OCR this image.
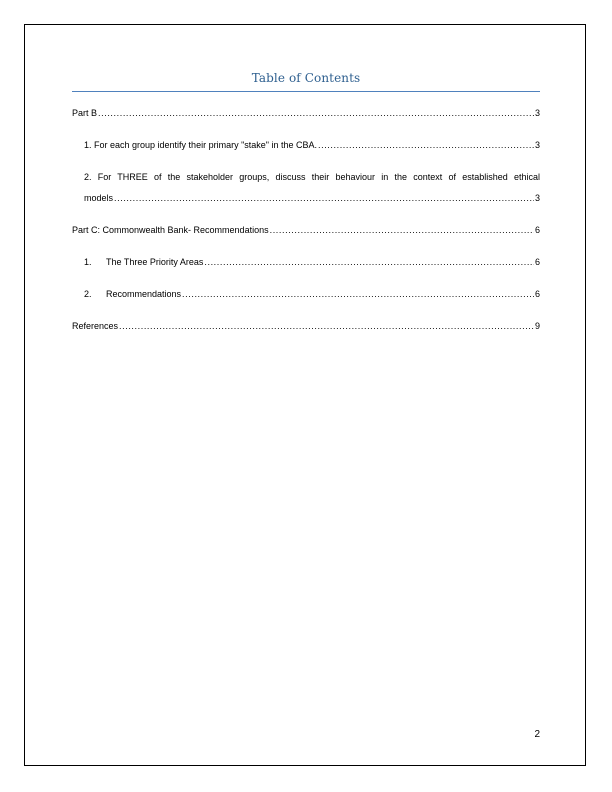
Table of Contents
Part B .....	3
1. For each group identify their primary "stake" in the CBA. .....	3
2. For THREE of the stakeholder groups, discuss their behaviour in the context of established ethical
models .....	3
Part C: Commonwealth Bank- Recommendations .....	6
1. The Three Priority Areas .....	6
2. Recommendations .....	6
References .....	9
2
